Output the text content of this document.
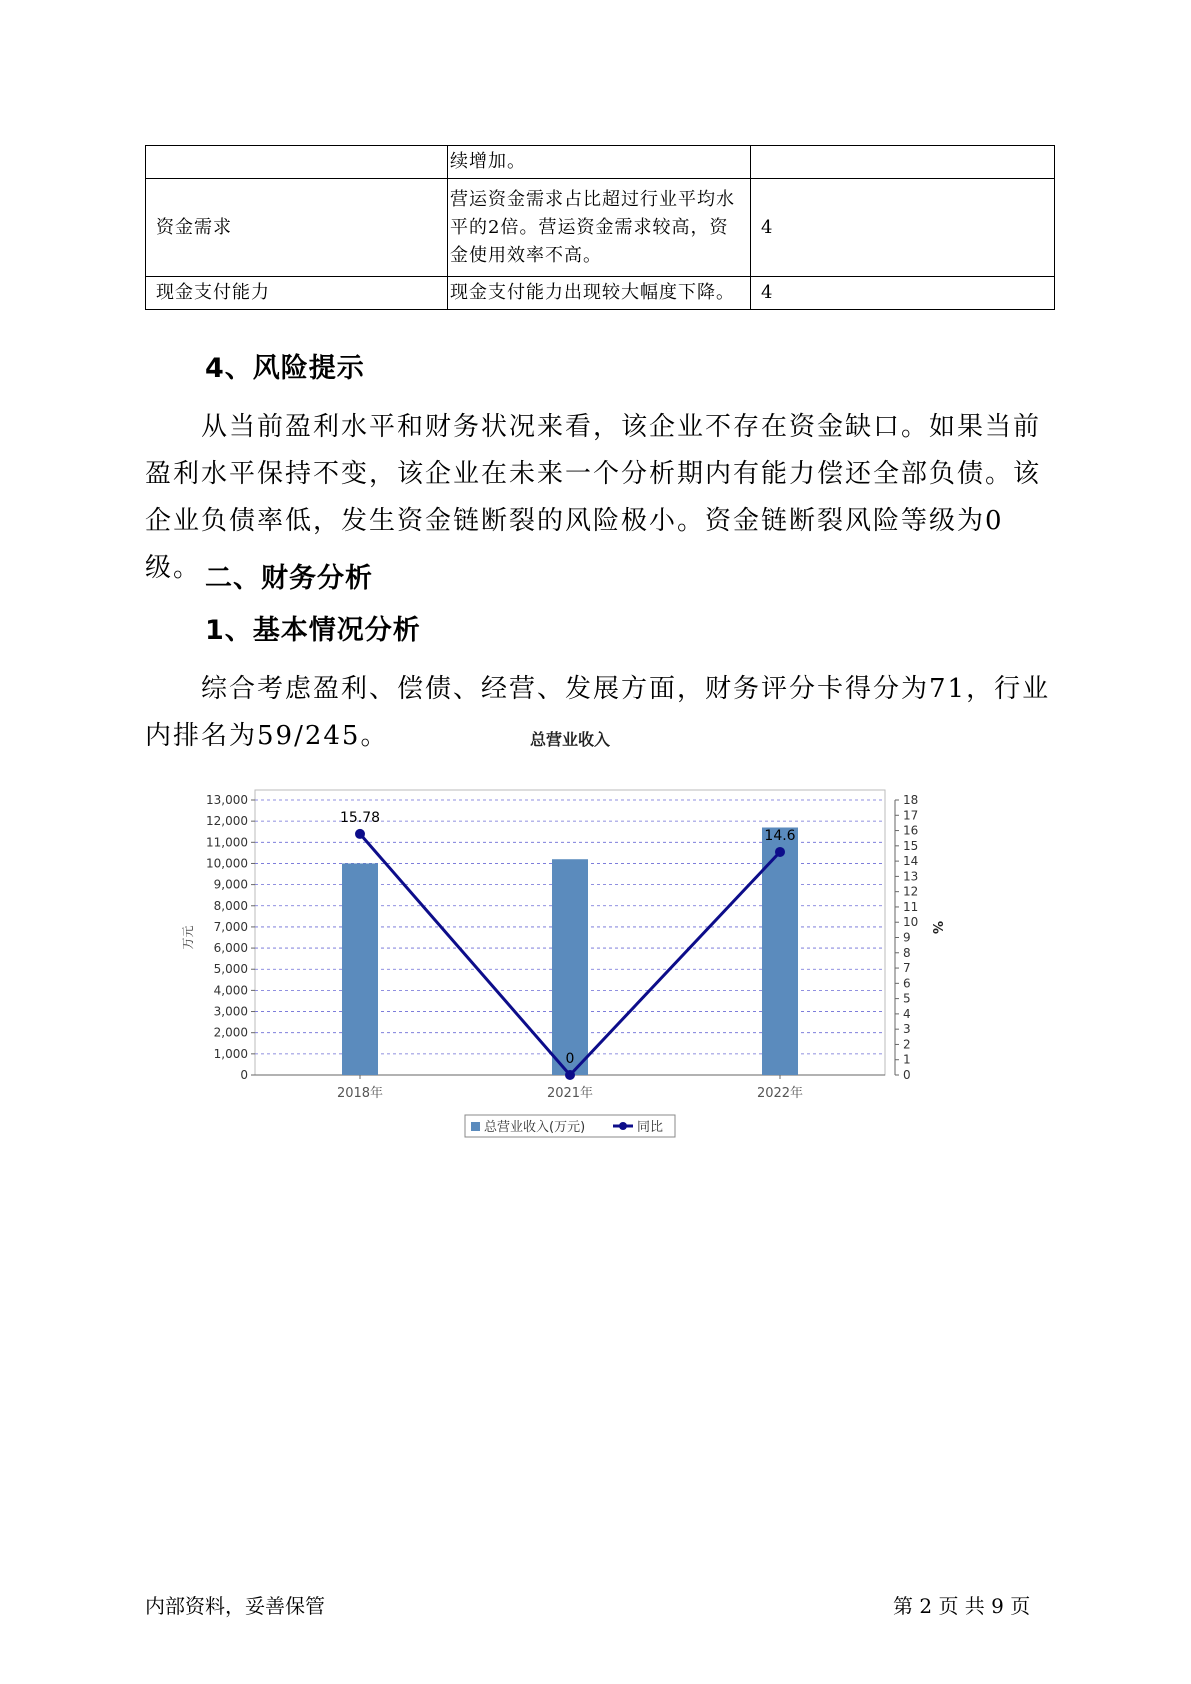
	续增加。	
资金需求	营运资金需求占比超过行业平均水平的2倍。营运资金需求较高，资金使用效率不高。	4
现金支付能力	现金支付能力出现较大幅度下降。	4
4、风险提示
从当前盈利水平和财务状况来看，该企业不存在资金缺口。如果当前盈利水平保持不变，该企业在未来一个分析期内有能力偿还全部负债。该企业负债率低，发生资金链断裂的风险极小。资金链断裂风险等级为0级。 二、财务分析
1、基本情况分析
综合考虑盈利、偿债、经营、发展方面，财务评分卡得分为71，行业内排名为59/245。	总营业收入
0
1,000
2,000
3,000
4,000
5,000
6,000
7,000
8,000
9,000
10,000
11,000
12,000
13,000
0
1
2
3
4
5
6
7
8
9
10
11
12
13
14
15
16
17
18
万元	%
2018年	2021年	2022年
15.78
0
14.6
总营业收入(万元)	同比
内部资料，妥善保管	第 2 页 共 9 页
